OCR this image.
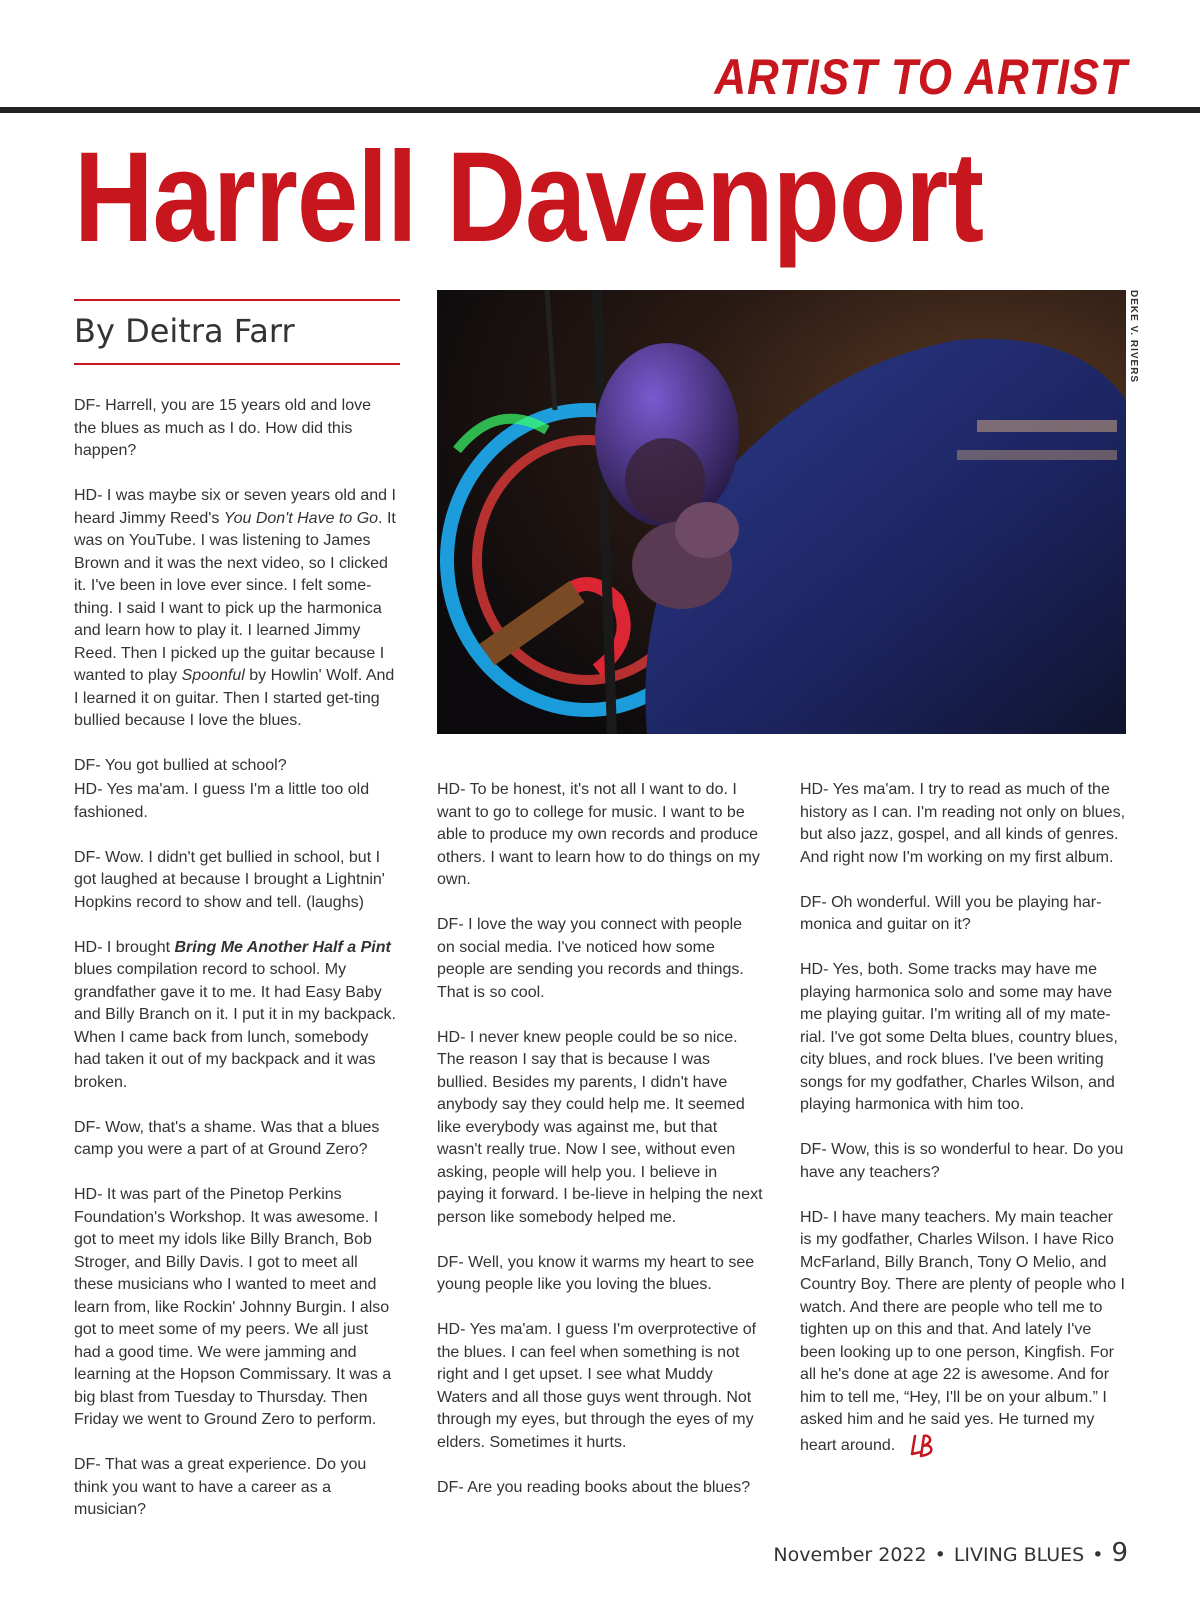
ARTIST TO ARTIST
Harrell Davenport
By Deitra Farr	DEKE V. RIVERS

DF- Harrell, you are 15 years old and love the blues as much as I do. How did this happen?

HD- I was maybe six or seven years old and I heard Jimmy Reed's You Don't Have to Go. It was on YouTube. I was listening to James Brown and it was the next video, so I clicked it. I've been in love ever since. I felt some-thing. I said I want to pick up the harmonica and learn how to play it. I learned Jimmy Reed. Then I picked up the guitar because I wanted to play Spoonful by Howlin' Wolf. And I learned it on guitar. Then I started get-ting bullied because I love the blues.

DF- You got bullied at school?

HD- Yes ma'am. I guess I'm a little too old fashioned.

DF- Wow. I didn't get bullied in school, but I got laughed at because I brought a Lightnin' Hopkins record to show and tell. (laughs)

HD- I brought Bring Me Another Half a Pint blues compilation record to school. My grandfather gave it to me. It had Easy Baby and Billy Branch on it. I put it in my backpack. When I came back from lunch, somebody had taken it out of my backpack and it was broken.

DF- Wow, that's a shame. Was that a blues camp you were a part of at Ground Zero?

HD- It was part of the Pinetop Perkins Foundation's Workshop. It was awesome. I got to meet my idols like Billy Branch, Bob Stroger, and Billy Davis. I got to meet all these musicians who I wanted to meet and learn from, like Rockin' Johnny Burgin. I also got to meet some of my peers. We all just had a good time. We were jamming and learning at the Hopson Commissary. It was a big blast from Tuesday to Thursday. Then Friday we went to Ground Zero to perform.

DF- That was a great experience. Do you think you want to have a career as a musician?

HD- To be honest, it's not all I want to do. I want to go to college for music. I want to be able to produce my own records and produce others. I want to learn how to do things on my own.

DF- I love the way you connect with people on social media. I've noticed how some people are sending you records and things. That is so cool.

HD- I never knew people could be so nice. The reason I say that is because I was bullied. Besides my parents, I didn't have anybody say they could help me. It seemed like everybody was against me, but that wasn't really true. Now I see, without even asking, people will help you. I believe in paying it forward. I be-lieve in helping the next person like somebody helped me.

DF- Well, you know it warms my heart to see young people like you loving the blues.

HD- Yes ma'am. I guess I'm overprotective of the blues. I can feel when something is not right and I get upset. I see what Muddy Waters and all those guys went through. Not through my eyes, but through the eyes of my elders. Sometimes it hurts.

DF- Are you reading books about the blues?

HD- Yes ma'am. I try to read as much of the history as I can. I'm reading not only on blues, but also jazz, gospel, and all kinds of genres. And right now I'm working on my first album.

DF- Oh wonderful. Will you be playing har-monica and guitar on it?

HD- Yes, both. Some tracks may have me playing harmonica solo and some may have me playing guitar. I'm writing all of my mate-rial. I've got some Delta blues, country blues, city blues, and rock blues. I've been writing songs for my godfather, Charles Wilson, and playing harmonica with him too.

DF- Wow, this is so wonderful to hear. Do you have any teachers?

HD- I have many teachers. My main teacher is my godfather, Charles Wilson. I have Rico McFarland, Billy Branch, Tony O Melio, and Country Boy. There are plenty of people who I watch. And there are people who tell me to tighten up on this and that. And lately I've been looking up to one person, Kingfish. For all he's done at age 22 is awesome. And for him to tell me, “Hey, I'll be on your album.” I asked him and he said yes. He turned my heart around.

November 2022 • LIVING BLUES • 9
